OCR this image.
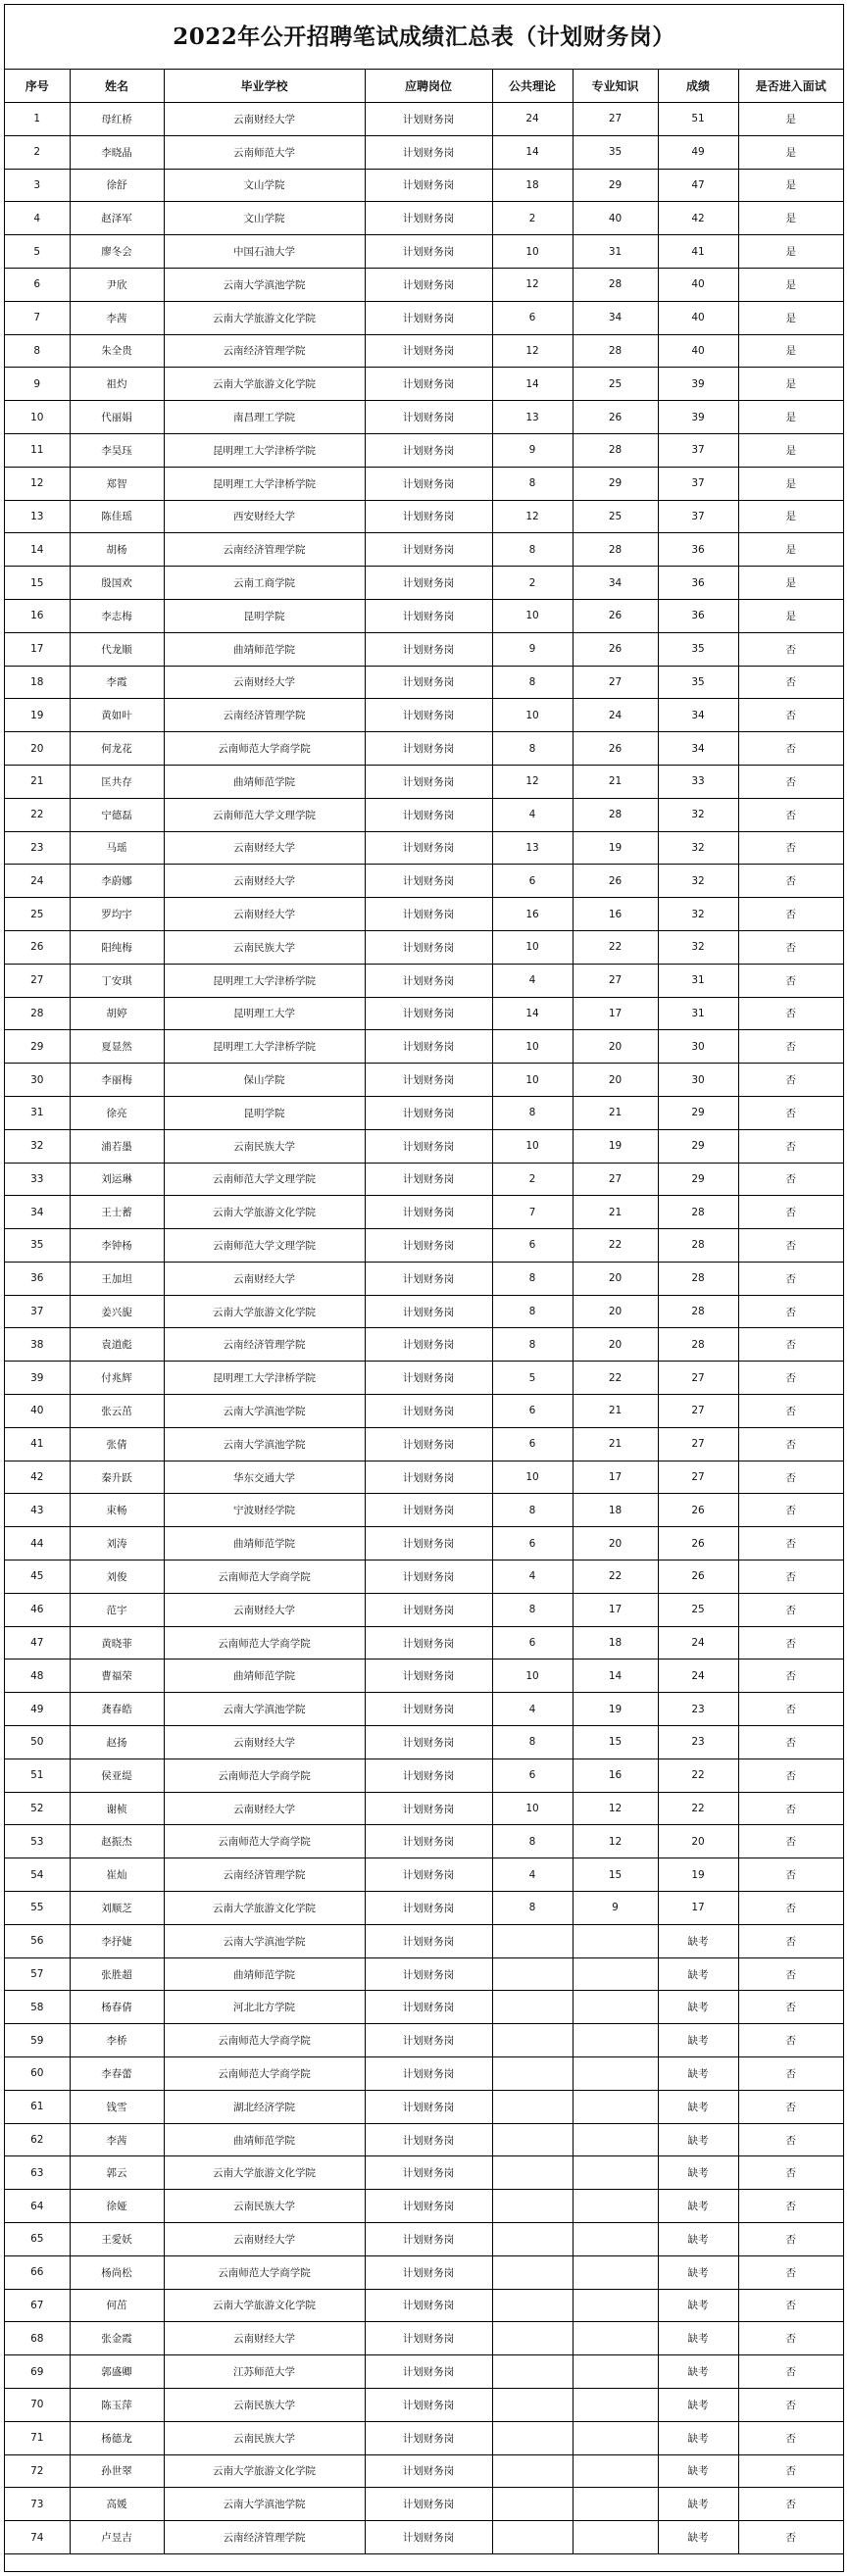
2022年公开招聘笔试成绩汇总表（计划财务岗）
序号	姓名	毕业学校	应聘岗位	公共理论	专业知识	成绩	是否进入面试
1	母红桥	云南财经大学	计划财务岗	24	27	51	是
2	李晓晶	云南师范大学	计划财务岗	14	35	49	是
3	徐舒	文山学院	计划财务岗	18	29	47	是
4	赵泽军	文山学院	计划财务岗	2	40	42	是
5	廖冬会	中国石油大学	计划财务岗	10	31	41	是
6	尹欣	云南大学滇池学院	计划财务岗	12	28	40	是
7	李茜	云南大学旅游文化学院	计划财务岗	6	34	40	是
8	朱全贵	云南经济管理学院	计划财务岗	12	28	40	是
9	祖灼	云南大学旅游文化学院	计划财务岗	14	25	39	是
10	代丽娟	南昌理工学院	计划财务岗	13	26	39	是
11	李昊珏	昆明理工大学津桥学院	计划财务岗	9	28	37	是
12	郑智	昆明理工大学津桥学院	计划财务岗	8	29	37	是
13	陈佳瑶	西安财经大学	计划财务岗	12	25	37	是
14	胡杨	云南经济管理学院	计划财务岗	8	28	36	是
15	殷国欢	云南工商学院	计划财务岗	2	34	36	是
16	李志梅	昆明学院	计划财务岗	10	26	36	是
17	代龙顺	曲靖师范学院	计划财务岗	9	26	35	否
18	李霞	云南财经大学	计划财务岗	8	27	35	否
19	黄如叶	云南经济管理学院	计划财务岗	10	24	34	否
20	何龙花	云南师范大学商学院	计划财务岗	8	26	34	否
21	匡共存	曲靖师范学院	计划财务岗	12	21	33	否
22	宁德磊	云南师范大学文理学院	计划财务岗	4	28	32	否
23	马瑶	云南财经大学	计划财务岗	13	19	32	否
24	李蔚娜	云南财经大学	计划财务岗	6	26	32	否
25	罗均宇	云南财经大学	计划财务岗	16	16	32	否
26	阳纯梅	云南民族大学	计划财务岗	10	22	32	否
27	丁安琪	昆明理工大学津桥学院	计划财务岗	4	27	31	否
28	胡婷	昆明理工大学	计划财务岗	14	17	31	否
29	夏显然	昆明理工大学津桥学院	计划财务岗	10	20	30	否
30	李丽梅	保山学院	计划财务岗	10	20	30	否
31	徐亮	昆明学院	计划财务岗	8	21	29	否
32	浦若墨	云南民族大学	计划财务岗	10	19	29	否
33	刘运琳	云南师范大学文理学院	计划财务岗	2	27	29	否
34	王士蓄	云南大学旅游文化学院	计划财务岗	7	21	28	否
35	李钟杨	云南师范大学文理学院	计划财务岗	6	22	28	否
36	王加坦	云南财经大学	计划财务岗	8	20	28	否
37	姜兴旎	云南大学旅游文化学院	计划财务岗	8	20	28	否
38	袁道彪	云南经济管理学院	计划财务岗	8	20	28	否
39	付兆辉	昆明理工大学津桥学院	计划财务岗	5	22	27	否
40	张云茁	云南大学滇池学院	计划财务岗	6	21	27	否
41	张倩	云南大学滇池学院	计划财务岗	6	21	27	否
42	秦升跃	华东交通大学	计划财务岗	10	17	27	否
43	束畅	宁波财经学院	计划财务岗	8	18	26	否
44	刘涛	曲靖师范学院	计划财务岗	6	20	26	否
45	刘俊	云南师范大学商学院	计划财务岗	4	22	26	否
46	范宇	云南财经大学	计划财务岗	8	17	25	否
47	黄晓菲	云南师范大学商学院	计划财务岗	6	18	24	否
48	曹福荣	曲靖师范学院	计划财务岗	10	14	24	否
49	龚春皓	云南大学滇池学院	计划财务岗	4	19	23	否
50	赵扬	云南财经大学	计划财务岗	8	15	23	否
51	侯亚缇	云南师范大学商学院	计划财务岗	6	16	22	否
52	谢桢	云南财经大学	计划财务岗	10	12	22	否
53	赵振杰	云南师范大学商学院	计划财务岗	8	12	20	否
54	崔灿	云南经济管理学院	计划财务岗	4	15	19	否
55	刘顺芝	云南大学旅游文化学院	计划财务岗	8	9	17	否
56	李抒婕	云南大学滇池学院	计划财务岗			缺考	否
57	张胜超	曲靖师范学院	计划财务岗			缺考	否
58	杨春倩	河北北方学院	计划财务岗			缺考	否
59	李桥	云南师范大学商学院	计划财务岗			缺考	否
60	李春蕾	云南师范大学商学院	计划财务岗			缺考	否
61	钱雪	湖北经济学院	计划财务岗			缺考	否
62	李茜	曲靖师范学院	计划财务岗			缺考	否
63	郭云	云南大学旅游文化学院	计划财务岗			缺考	否
64	徐娅	云南民族大学	计划财务岗			缺考	否
65	王愛妖	云南财经大学	计划财务岗			缺考	否
66	杨尚松	云南师范大学商学院	计划财务岗			缺考	否
67	何茁	云南大学旅游文化学院	计划财务岗			缺考	否
68	张金霞	云南财经大学	计划财务岗			缺考	否
69	郭盛卿	江苏师范大学	计划财务岗			缺考	否
70	陈玉萍	云南民族大学	计划财务岗			缺考	否
71	杨德龙	云南民族大学	计划财务岗			缺考	否
72	孙世翠	云南大学旅游文化学院	计划财务岗			缺考	否
73	高媛	云南大学滇池学院	计划财务岗			缺考	否
74	卢昱吉	云南经济管理学院	计划财务岗			缺考	否
